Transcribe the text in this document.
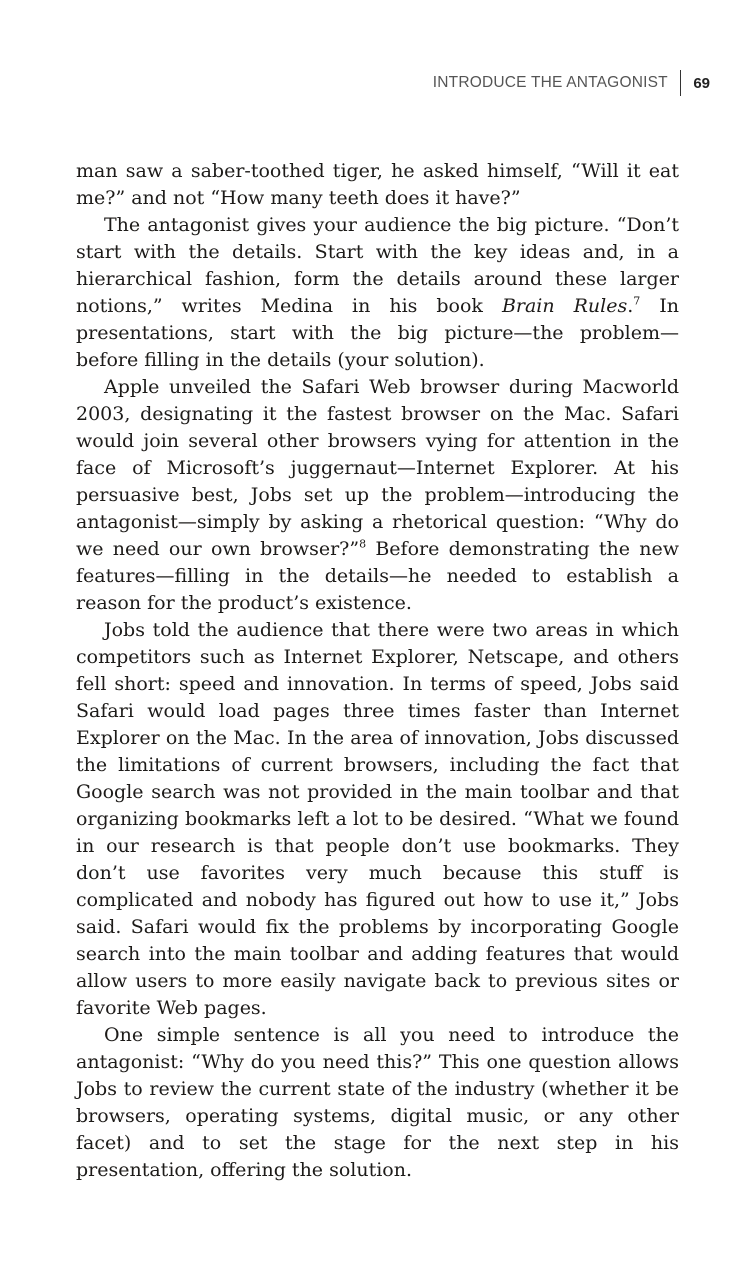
INTRODUCE THE ANTAGONIST 69

man saw a saber-toothed tiger, he asked himself, “Will it eat me?” and not “How many teeth does it have?”

The antagonist gives your audience the big picture. “Don’t start with the details. Start with the key ideas and, in a hierarchical fashion, form the details around these larger notions,” writes Medina in his book Brain Rules.$^7$ In presentations, start with the big picture—the problem—before filling in the details (your solution).

Apple unveiled the Safari Web browser during Macworld 2003, designating it the fastest browser on the Mac. Safari would join several other browsers vying for attention in the face of Microsoft’s juggernaut—Internet Explorer. At his persuasive best, Jobs set up the problem—introducing the antagonist—simply by asking a rhetorical question: “Why do we need our own browser?”$^8$ Before demonstrating the new features—filling in the details—he needed to establish a reason for the product’s existence.

Jobs told the audience that there were two areas in which competitors such as Internet Explorer, Netscape, and others fell short: speed and innovation. In terms of speed, Jobs said Safari would load pages three times faster than Internet Explorer on the Mac. In the area of innovation, Jobs discussed the limitations of current browsers, including the fact that Google search was not provided in the main toolbar and that organizing bookmarks left a lot to be desired. “What we found in our research is that people don’t use bookmarks. They don’t use favorites very much because this stuff is complicated and nobody has figured out how to use it,” Jobs said. Safari would fix the problems by incorporating Google search into the main toolbar and adding features that would allow users to more easily navigate back to previous sites or favorite Web pages.

One simple sentence is all you need to introduce the antagonist: “Why do you need this?” This one question allows Jobs to review the current state of the industry (whether it be browsers, operating systems, digital music, or any other facet) and to set the stage for the next step in his presentation, offering the solution.
